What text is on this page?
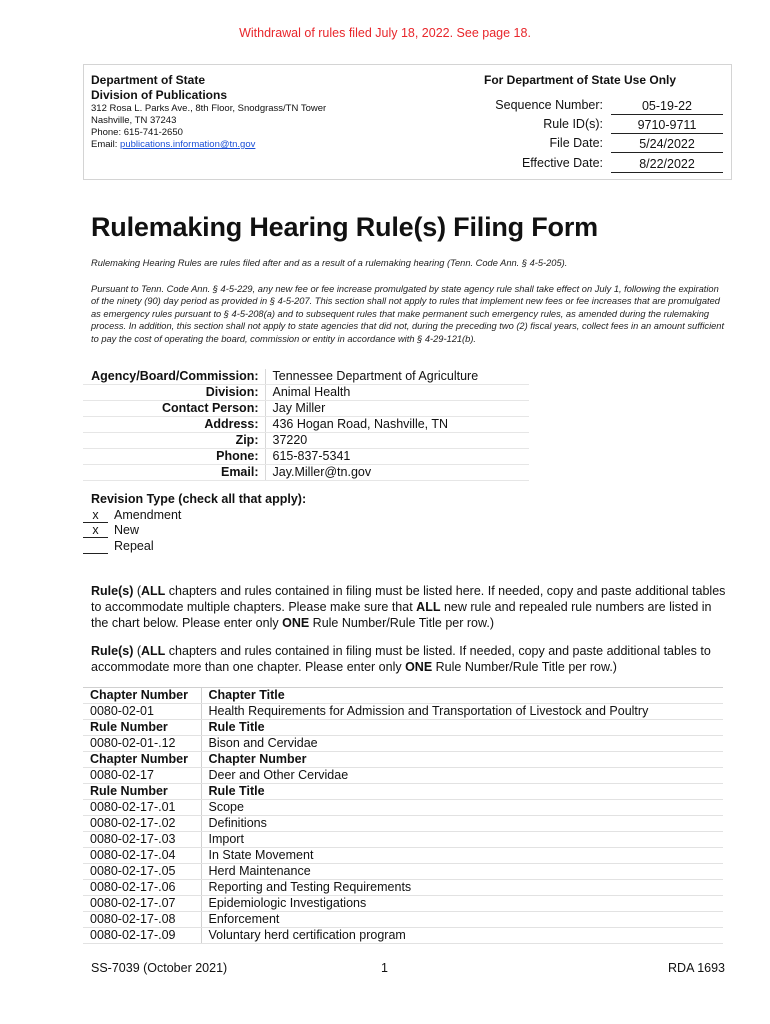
Withdrawal of rules filed July 18, 2022. See page 18.
Department of State
Division of Publications
312 Rosa L. Parks Ave., 8th Floor, Snodgrass/TN Tower
Nashville, TN 37243
Phone: 615-741-2650
Email: publications.information@tn.gov
For Department of State Use Only
Sequence Number:	05-19-22
Rule ID(s):	9710-9711
File Date:	5/24/2022
Effective Date:	8/22/2022
Rulemaking Hearing Rule(s) Filing Form
Rulemaking Hearing Rules are rules filed after and as a result of a rulemaking hearing (Tenn. Code Ann. § 4-5-205).
Pursuant to Tenn. Code Ann. § 4-5-229, any new fee or fee increase promulgated by state agency rule shall take effect on July 1, following the expiration of the ninety (90) day period as provided in § 4-5-207. This section shall not apply to rules that implement new fees or fee increases that are promulgated as emergency rules pursuant to § 4-5-208(a) and to subsequent rules that make permanent such emergency rules, as amended during the rulemaking process. In addition, this section shall not apply to state agencies that did not, during the preceding two (2) fiscal years, collect fees in an amount sufficient to pay the cost of operating the board, commission or entity in accordance with § 4-29-121(b).
Agency/Board/Commission:	Tennessee Department of Agriculture
Division:	Animal Health
Contact Person:	Jay Miller
Address:	436 Hogan Road, Nashville, TN
Zip:	37220
Phone:	615-837-5341
Email:	Jay.Miller@tn.gov
Revision Type (check all that apply):
x Amendment
x New
Repeal
Rule(s) (ALL chapters and rules contained in filing must be listed here. If needed, copy and paste additional tables to accommodate multiple chapters. Please make sure that ALL new rule and repealed rule numbers are listed in the chart below. Please enter only ONE Rule Number/Rule Title per row.)
Rule(s) (ALL chapters and rules contained in filing must be listed. If needed, copy and paste additional tables to accommodate more than one chapter. Please enter only ONE Rule Number/Rule Title per row.)
Chapter Number	Chapter Title
0080-02-01	Health Requirements for Admission and Transportation of Livestock and Poultry
Rule Number	Rule Title
0080-02-01-.12	Bison and Cervidae
Chapter Number	Chapter Number
0080-02-17	Deer and Other Cervidae
Rule Number	Rule Title
0080-02-17-.01	Scope
0080-02-17-.02	Definitions
0080-02-17-.03	Import
0080-02-17-.04	In State Movement
0080-02-17-.05	Herd Maintenance
0080-02-17-.06	Reporting and Testing Requirements
0080-02-17-.07	Epidemiologic Investigations
0080-02-17-.08	Enforcement
0080-02-17-.09	Voluntary herd certification program
SS-7039 (October 2021)	1	RDA 1693
